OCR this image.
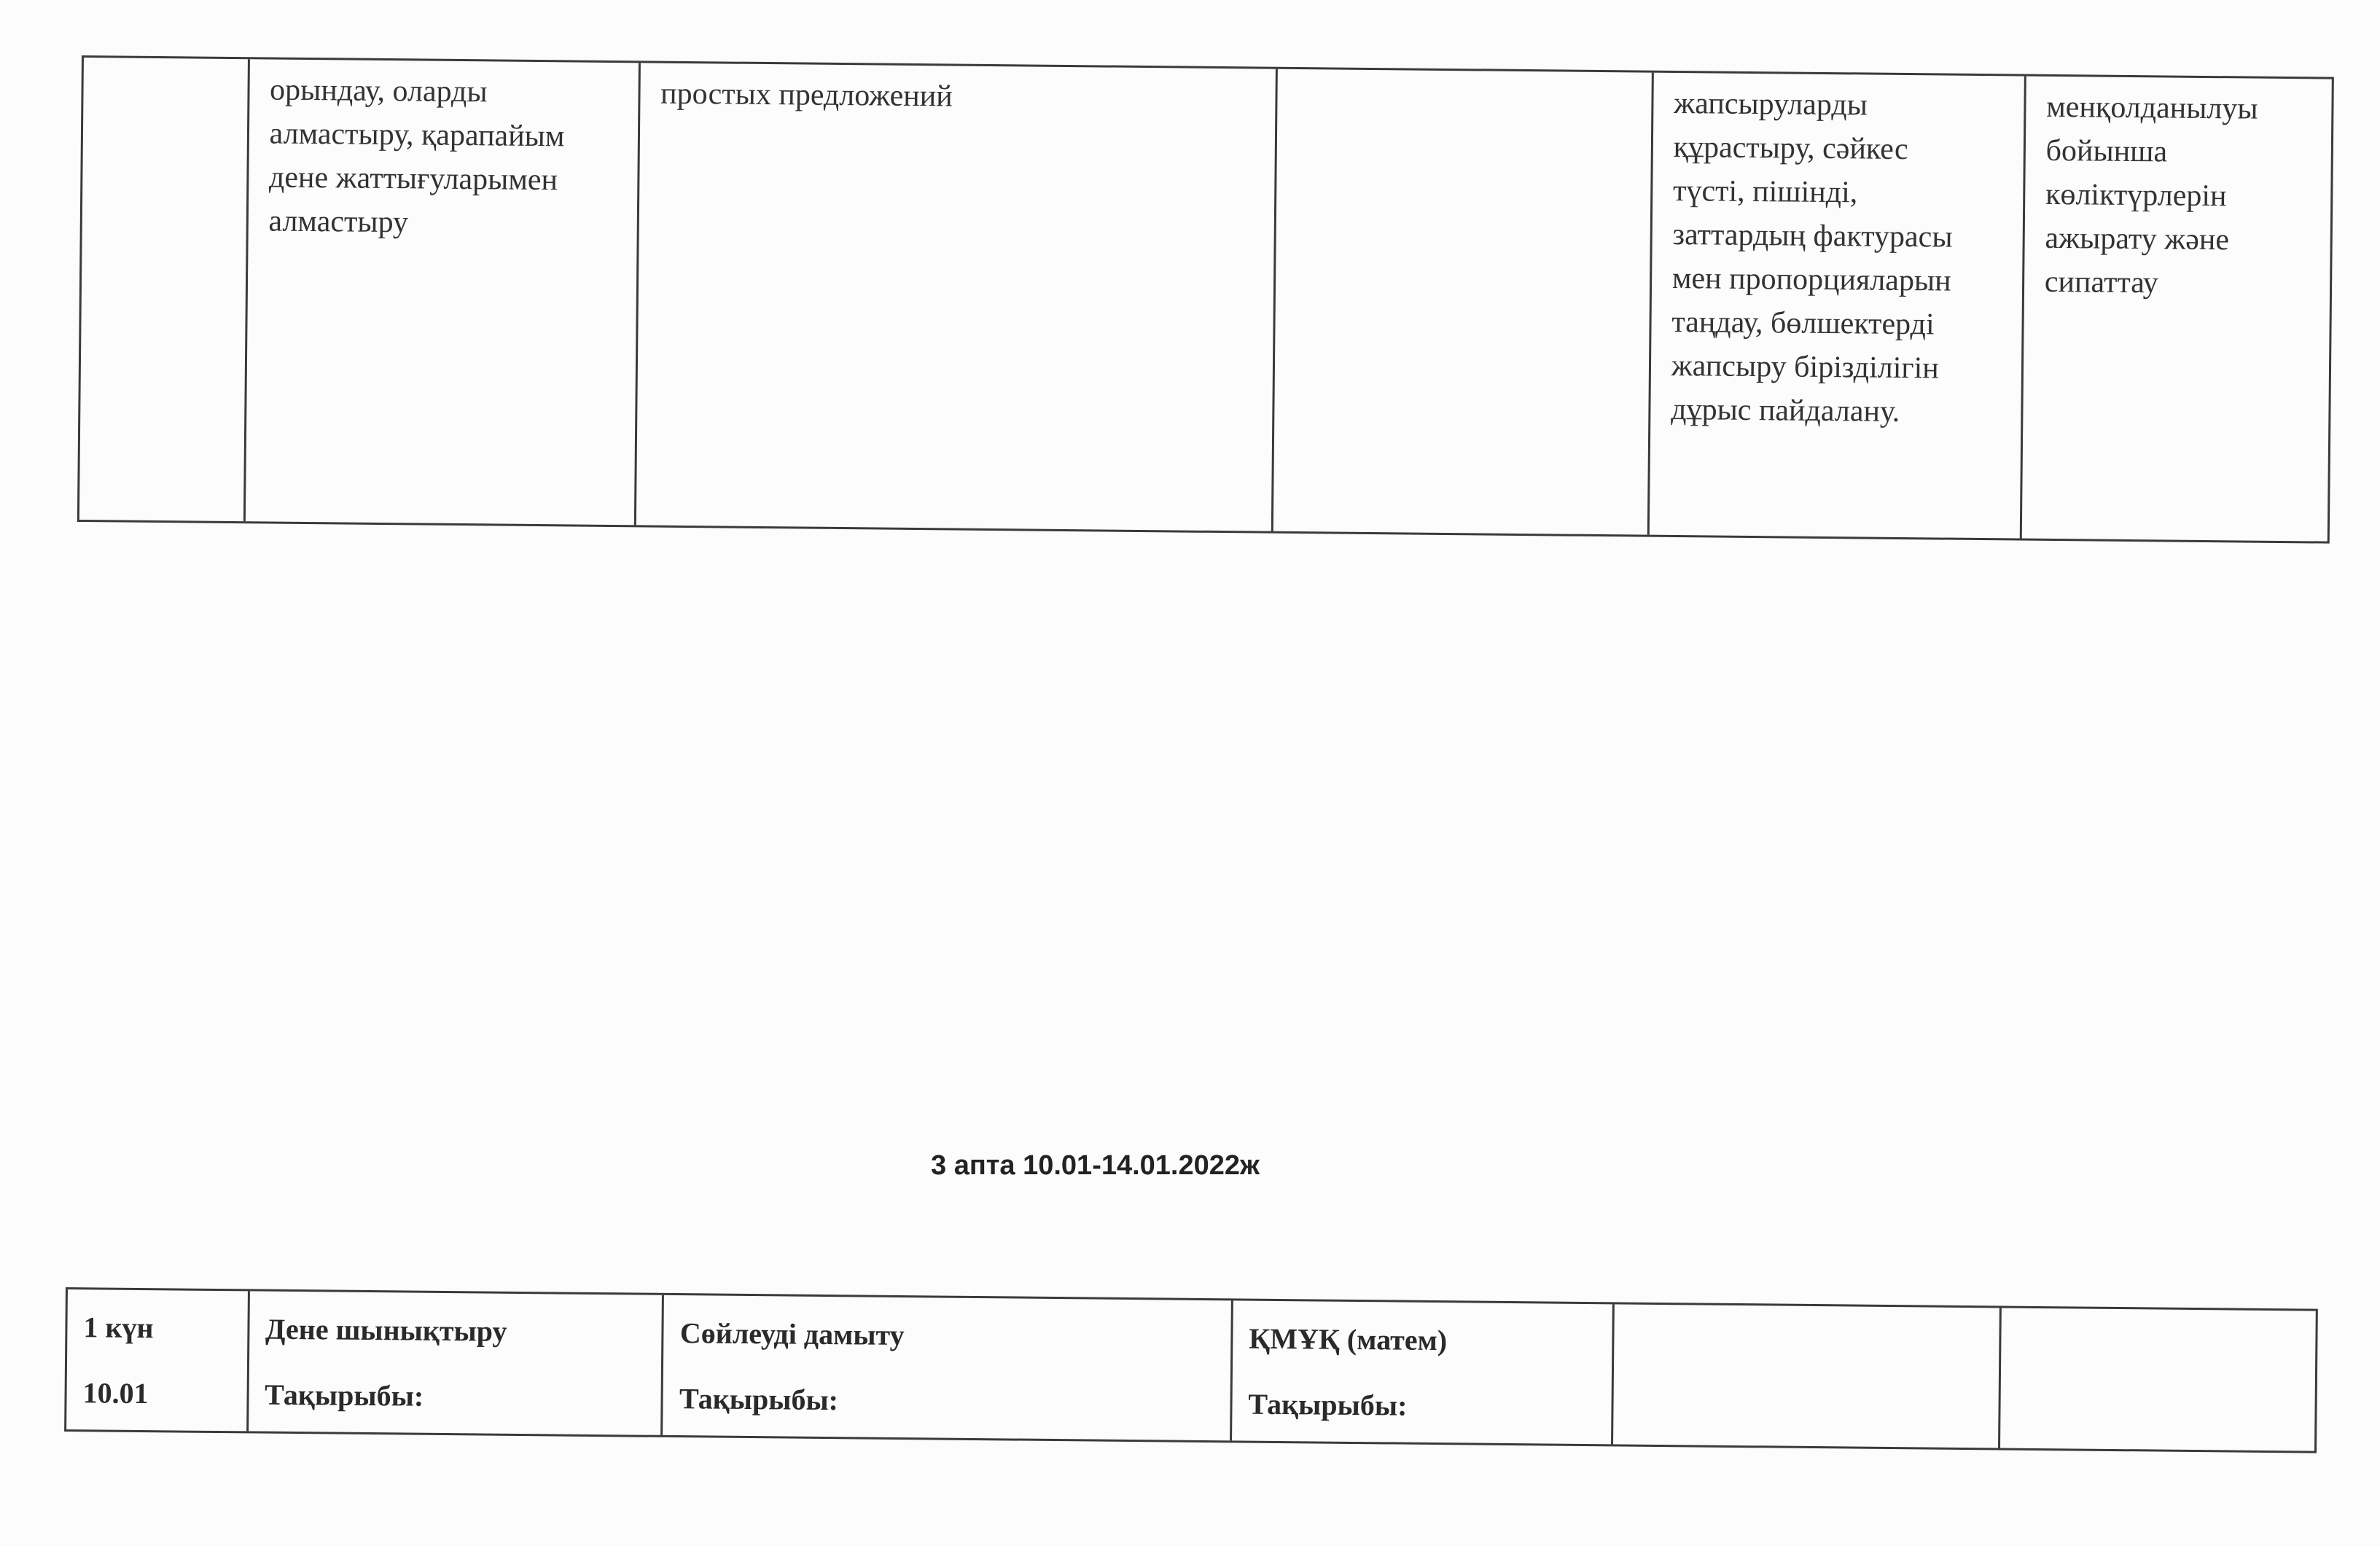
орындау, оларды
алмастыру, қарапайым
дене жаттығуларымен
алмастыру
простых предложений	жапсыруларды
құрастыру, сәйкес
түсті, пішінді,
заттардың фактурасы
мен пропорцияларын
таңдау, бөлшектерді
жапсыру бірізділігін
дұрыс пайдалану.
менқолданылуы
бойынша
көліктүрлерін
ажырату және
сипаттау
3 апта 10.01-14.01.2022ж
1 күн
10.01
Дене шынықтыру
Тақырыбы:
Сөйлеуді дамыту
Тақырыбы:
ҚМҰҚ (матем)
Тақырыбы:
